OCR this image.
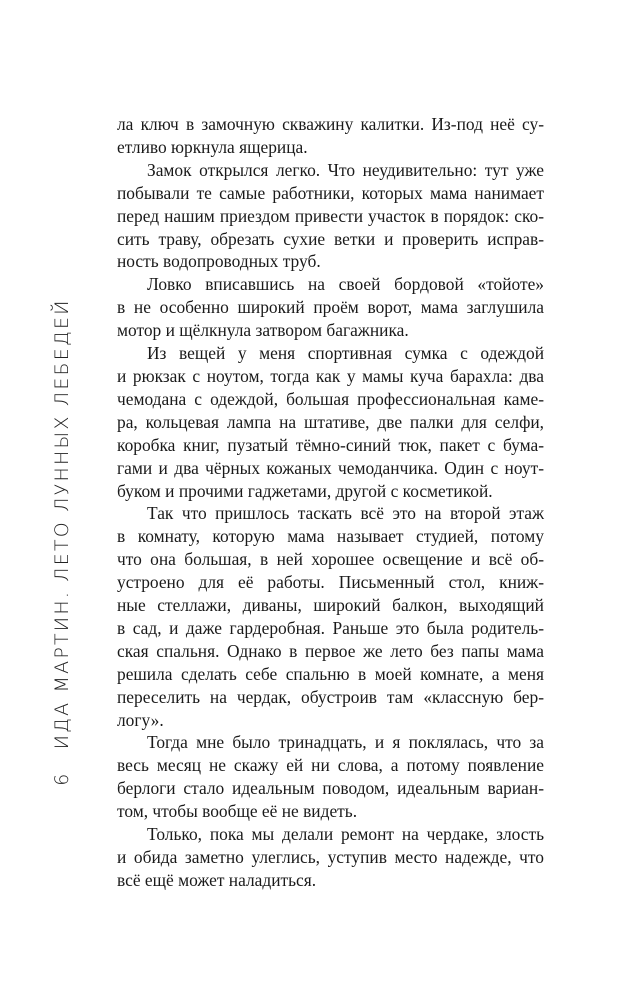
6
ИДА МАРТИН. ЛЕТО ЛУННЫХ ЛЕБЕДЕЙ
ла ключ в замочную скважину калитки. Из-под неё су-
етливо юркнула ящерица.
Замок открылся легко. Что неудивительно: тут уже
побывали те самые работники, которых мама нанимает
перед нашим приездом привести участок в порядок: ско-
сить траву, обрезать сухие ветки и проверить исправ-
ность водопроводных труб.
Ловко вписавшись на своей бордовой «тойоте»
в не особенно широкий проём ворот, мама заглушила
мотор и щёлкнула затвором багажника.
Из вещей у меня спортивная сумка с одеждой
и рюкзак с ноутом, тогда как у мамы куча барахла: два
чемодана с одеждой, большая профессиональная каме-
ра, кольцевая лампа на штативе, две палки для селфи,
коробка книг, пузатый тёмно-синий тюк, пакет с бума-
гами и два чёрных кожаных чемоданчика. Один с ноут-
буком и прочими гаджетами, другой с косметикой.
Так что пришлось таскать всё это на второй этаж
в комнату, которую мама называет студией, потому
что она большая, в ней хорошее освещение и всё об-
устроено для её работы. Письменный стол, книж-
ные стеллажи, диваны, широкий балкон, выходящий
в сад, и даже гардеробная. Раньше это была родитель-
ская спальня. Однако в первое же лето без папы мама
решила сделать себе спальню в моей комнате, а меня
переселить на чердак, обустроив там «классную бер-
логу».
Тогда мне было тринадцать, и я поклялась, что за
весь месяц не скажу ей ни слова, а потому появление
берлоги стало идеальным поводом, идеальным вариан-
том, чтобы вообще её не видеть.
Только, пока мы делали ремонт на чердаке, злость
и обида заметно улеглись, уступив место надежде, что
всё ещё может наладиться.
